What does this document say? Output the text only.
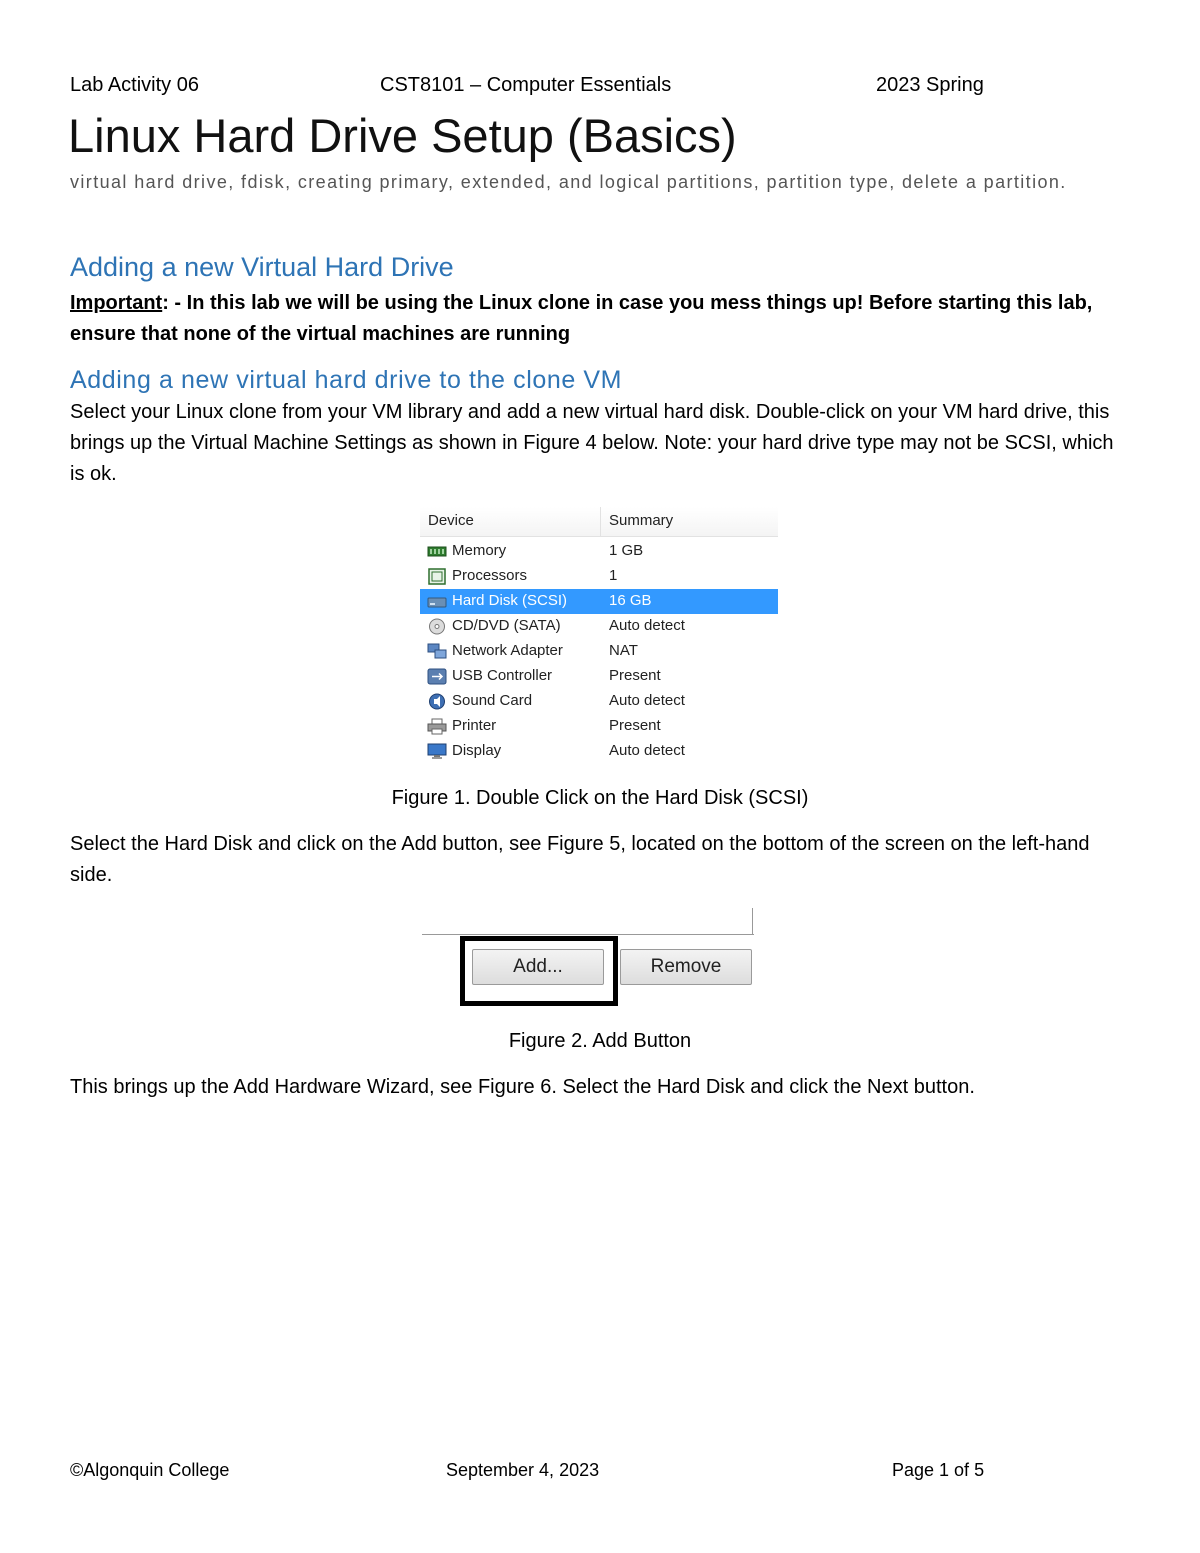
Lab Activity 06	CST8101 – Computer Essentials	2023 Spring
Linux Hard Drive Setup (Basics)
virtual hard drive, fdisk, creating primary, extended, and logical partitions, partition type, delete a partition.
Adding a new Virtual Hard Drive

Important: - In this lab we will be using the Linux clone in case you mess things up! Before starting this lab, ensure that none of the virtual machines are running

Adding a new virtual hard drive to the clone VM

Select your Linux clone from your VM library and add a new virtual hard disk. Double-click on your VM hard drive, this brings up the Virtual Machine Settings as shown in Figure 4 below. Note: your hard drive type may not be SCSI, which is ok.

Device	Summary
Memory	1 GB
Processors	1
Hard Disk (SCSI)	16 GB
CD/DVD (SATA)	Auto detect
Network Adapter	NAT
USB Controller	Present
Sound Card	Auto detect
Printer	Present
Display	Auto detect
Figure 1. Double Click on the Hard Disk (SCSI)

Select the Hard Disk and click on the Add button, see Figure 5, located on the bottom of the screen on the left-hand side.

Add...	Remove
Figure 2. Add Button

This brings up the Add Hardware Wizard, see Figure 6. Select the Hard Disk and click the Next button.

©Algonquin College	September 4, 2023	Page 1 of 5
